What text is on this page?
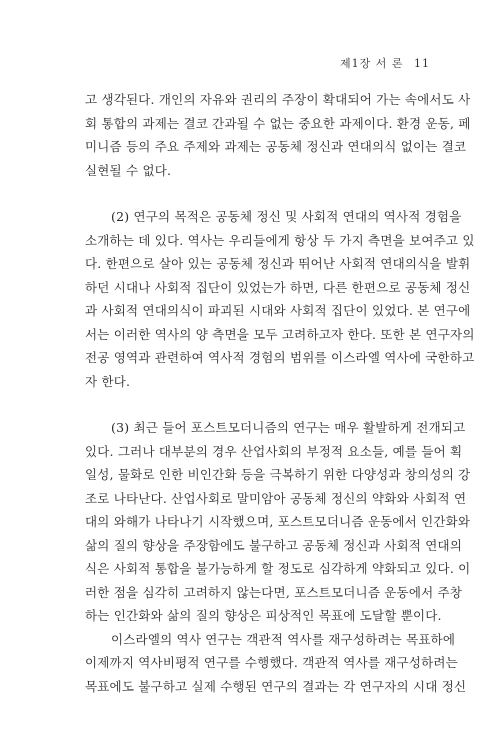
제1장 서 론 11

고 생각된다. 개인의 자유와 권리의 주장이 확대되어 가는 속에서도 사
회 통합의 과제는 결코 간과될 수 없는 중요한 과제이다. 환경 운동, 페
미니즘 등의 주요 주제와 과제는 공동체 정신과 연대의식 없이는 결코
실현될 수 없다.

(2) 연구의 목적은 공동체 정신 및 사회적 연대의 역사적 경험을
소개하는 데 있다. 역사는 우리들에게 항상 두 가지 측면을 보여주고 있
다. 한편으로 살아 있는 공동체 정신과 뛰어난 사회적 연대의식을 발휘
하던 시대나 사회적 집단이 있었는가 하면, 다른 한편으로 공동체 정신
과 사회적 연대의식이 파괴된 시대와 사회적 집단이 있었다. 본 연구에
서는 이러한 역사의 양 측면을 모두 고려하고자 한다. 또한 본 연구자의
전공 영역과 관련하여 역사적 경험의 범위를 이스라엘 역사에 국한하고
자 한다.

(3) 최근 들어 포스트모더니즘의 연구는 매우 활발하게 전개되고
있다. 그러나 대부분의 경우 산업사회의 부정적 요소들, 예를 들어 획
일성, 물화로 인한 비인간화 등을 극복하기 위한 다양성과 창의성의 강
조로 나타난다. 산업사회로 말미암아 공동체 정신의 약화와 사회적 연
대의 와해가 나타나기 시작했으며, 포스트모더니즘 운동에서 인간화와
삶의 질의 향상을 주장함에도 불구하고 공동체 정신과 사회적 연대의
식은 사회적 통합을 불가능하게 할 정도로 심각하게 약화되고 있다. 이
러한 점을 심각히 고려하지 않는다면, 포스트모더니즘 운동에서 주창
하는 인간화와 삶의 질의 향상은 피상적인 목표에 도달할 뿐이다.

이스라엘의 역사 연구는 객관적 역사를 재구성하려는 목표하에
이제까지 역사비평적 연구를 수행했다. 객관적 역사를 재구성하려는
목표에도 불구하고 실제 수행된 연구의 결과는 각 연구자의 시대 정신
